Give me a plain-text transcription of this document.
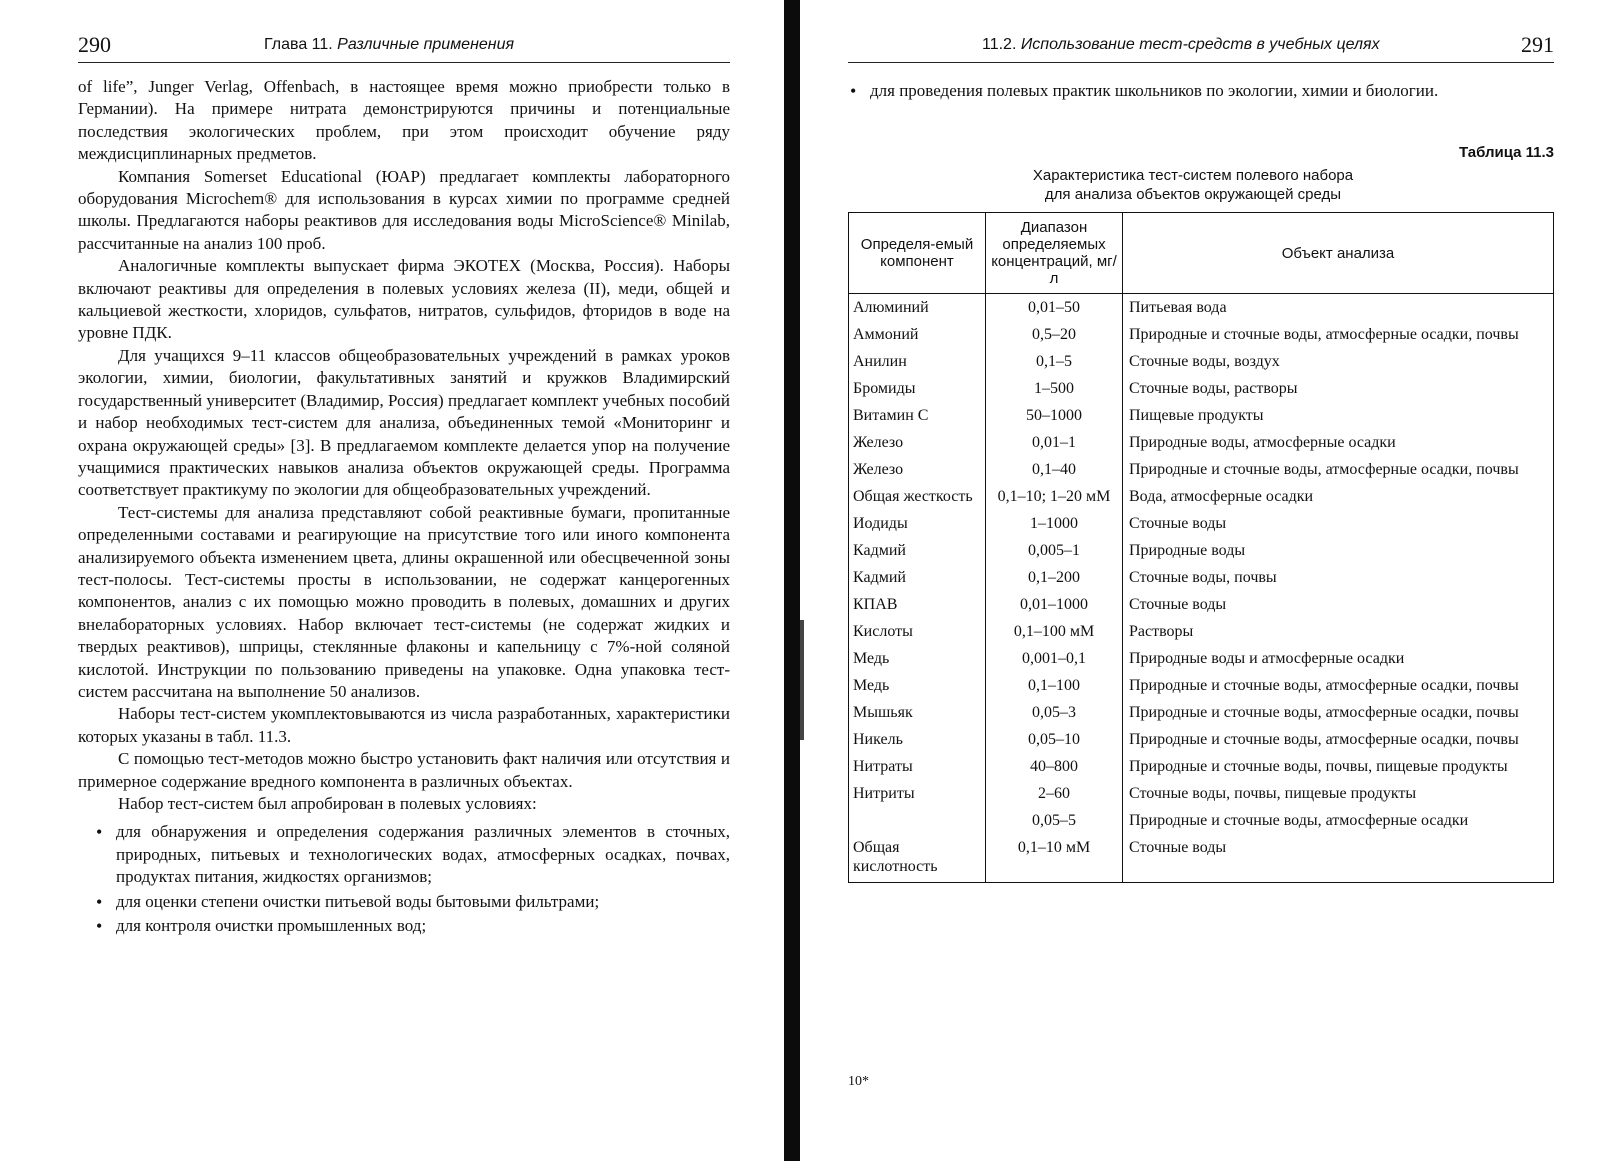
290	Глава 11. Различные применения

of life”, Junger Verlag, Offenbach, в настоящее время можно приобрести только в Германии). На примере нитрата демонстрируются причины и потенциальные последствия экологических проблем, при этом происходит обучение ряду междисциплинарных предметов.

Компания Somerset Educational (ЮАР) предлагает комплекты лабораторного оборудования Microchem® для использования в курсах химии по программе средней школы. Предлагаются наборы реактивов для исследования воды MicroScience® Minilab, рассчитанные на анализ 100 проб.

Аналогичные комплекты выпускает фирма ЭКОТЕХ (Москва, Россия). Наборы включают реактивы для определения в полевых условиях железа (II), меди, общей и кальциевой жесткости, хлоридов, сульфатов, нитратов, сульфидов, фторидов в воде на уровне ПДК.

Для учащихся 9–11 классов общеобразовательных учреждений в рамках уроков экологии, химии, биологии, факультативных занятий и кружков Владимирский государственный университет (Владимир, Россия) предлагает комплект учебных пособий и набор необходимых тест-систем для анализа, объединенных темой «Мониторинг и охрана окружающей среды» [3]. В предлагаемом комплекте делается упор на получение учащимися практических навыков анализа объектов окружающей среды. Программа соответствует практикуму по экологии для общеобразовательных учреждений.

Тест-системы для анализа представляют собой реактивные бумаги, пропитанные определенными составами и реагирующие на присутствие того или иного компонента анализируемого объекта изменением цвета, длины окрашенной или обесцвеченной зоны тест-полосы. Тест-системы просты в использовании, не содержат канцерогенных компонентов, анализ с их помощью можно проводить в полевых, домашних и других внелабораторных условиях. Набор включает тест-системы (не содержат жидких и твердых реактивов), шприцы, стеклянные флаконы и капельницу с 7%-ной соляной кислотой. Инструкции по пользованию приведены на упаковке. Одна упаковка тест-систем рассчитана на выполнение 50 анализов.

Наборы тест-систем укомплектовываются из числа разработанных, характеристики которых указаны в табл. 11.3.

С помощью тест-методов можно быстро установить факт наличия или отсутствия и примерное содержание вредного компонента в различных объектах.

Набор тест-систем был апробирован в полевых условиях:

• для обнаружения и определения содержания различных элементов в сточных, природных, питьевых и технологических водах, атмосферных осадках, почвах, продуктах питания, жидкостях организмов;
• для оценки степени очистки питьевой воды бытовыми фильтрами;
• для контроля очистки промышленных вод;
11.2. Использование тест-средств в учебных целях	291
• для проведения полевых практик школьников по экологии, химии и биологии.
Таблица 11.3
Характеристика тест-систем полевого набора
для анализа объектов окружающей среды
Определя-емый компонент	Диапазон определяемых концентраций, мг/л	Объект анализа
Алюминий	0,01–50	Питьевая вода
Аммоний	0,5–20	Природные и сточные воды, атмосферные осадки, почвы
Анилин	0,1–5	Сточные воды, воздух
Бромиды	1–500	Сточные воды, растворы
Витамин С	50–1000	Пищевые продукты
Железо	0,01–1	Природные воды, атмосферные осадки
Железо	0,1–40	Природные и сточные воды, атмосферные осадки, почвы
Общая жесткость	0,1–10; 1–20 мМ	Вода, атмосферные осадки
Иодиды	1–1000	Сточные воды
Кадмий	0,005–1	Природные воды
Кадмий	0,1–200	Сточные воды, почвы
КПАВ	0,01–1000	Сточные воды
Кислоты	0,1–100 мМ	Растворы
Медь	0,001–0,1	Природные воды и атмосферные осадки
Медь	0,1–100	Природные и сточные воды, атмосферные осадки, почвы
Мышьяк	0,05–3	Природные и сточные воды, атмосферные осадки, почвы
Никель	0,05–10	Природные и сточные воды, атмосферные осадки, почвы
Нитраты	40–800	Природные и сточные воды, почвы, пищевые продукты
Нитриты	2–60	Сточные воды, почвы, пищевые продукты
	0,05–5	Природные и сточные воды, атмосферные осадки
Общая кислотность	0,1–10 мМ	Сточные воды
10*
